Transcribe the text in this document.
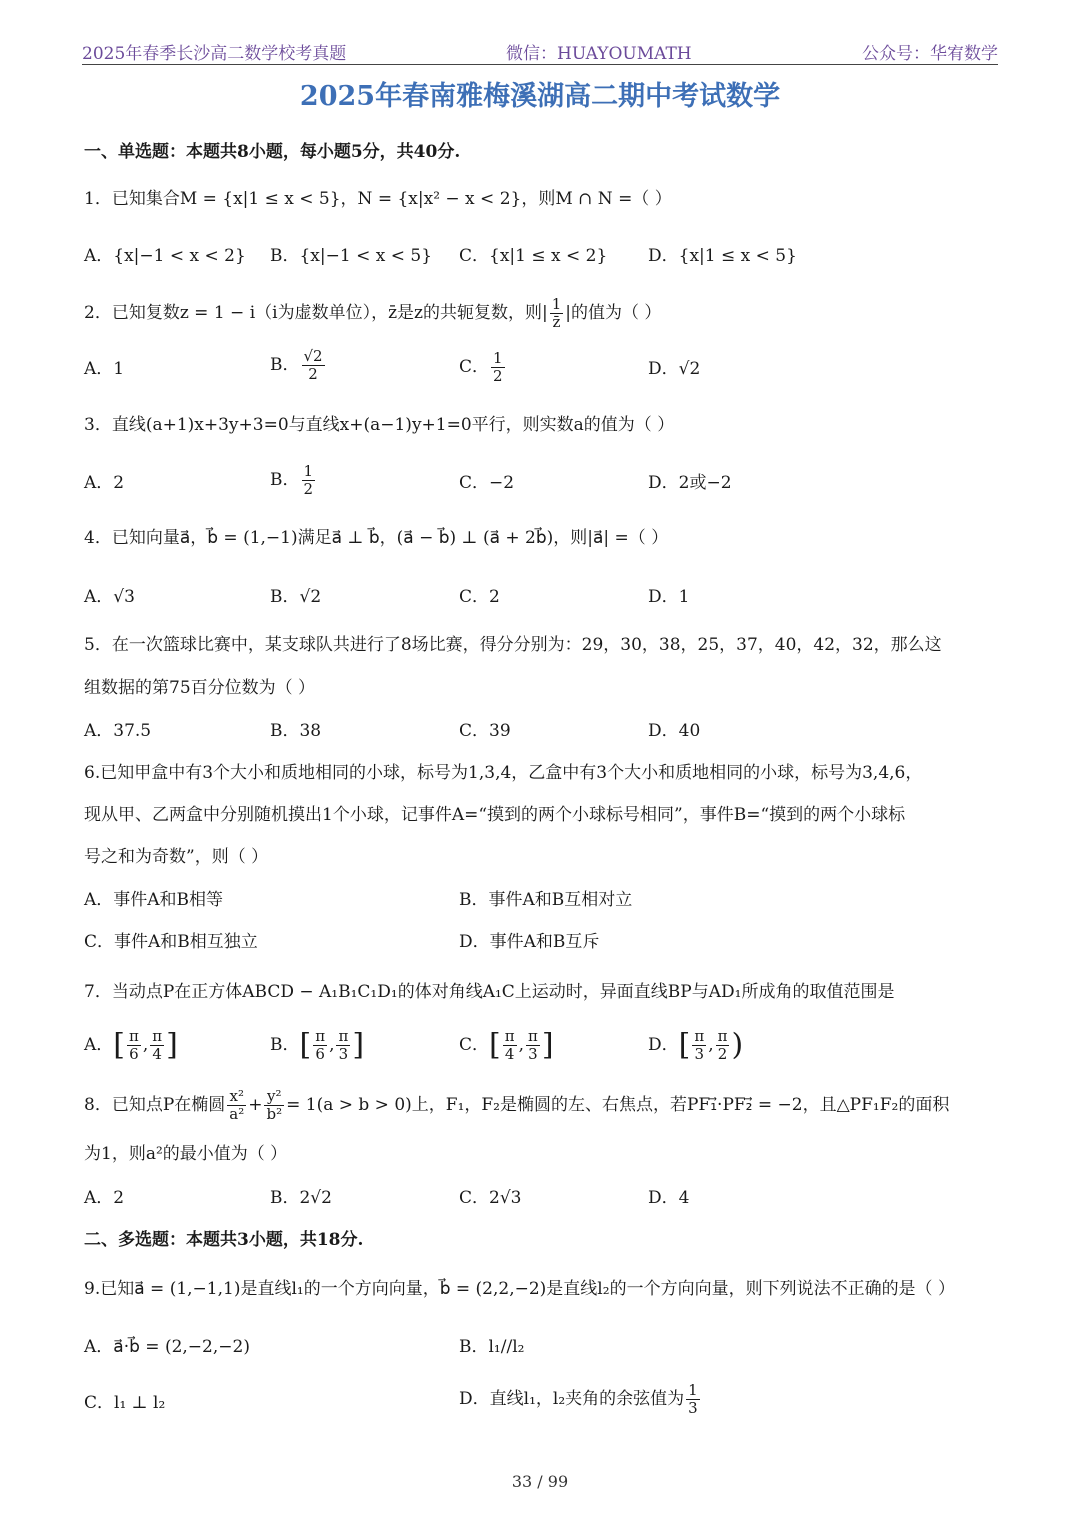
2025年春季长沙高二数学校考真题	微信：HUAYOUMATH	公众号：华宥数学
2025年春南雅梅溪湖高二期中考试数学
一、单选题：本题共8小题，每小题5分，共40分.
1．已知集合M = {x|1 ≤ x < 5}，N = {x|x² − x < 2}，则M ∩ N =（ ）
A．{x|−1 < x < 2} B．{x|−1 < x < 5} C．{x|1 ≤ x < 2} D．{x|1 ≤ x < 5}
2．已知复数z = 1 − i（i为虚数单位），z̄是z的共轭复数，则| $\frac{1}{z̄}$ |的值为（ ）
A．1	B． $\frac{√2}{2}$	C． $\frac{1}{2}$	D．√2
3．直线(a+1)x+3y+3=0与直线x+(a−1)y+1=0平行，则实数a的值为（ ）
A．2	B． $\frac{1}{2}$	C．−2	D．2或−2
4．已知向量a⃗，b⃗ = (1,−1)满足a⃗ ⊥ b⃗，(a⃗ − b⃗) ⊥ (a⃗ + 2b⃗)，则|a⃗| =（ ）
A．√3	B．√2	C．2	D．1
5．在一次篮球比赛中，某支球队共进行了8场比赛，得分分别为：29，30，38，25，37，40，42，32，那么这
组数据的第75百分位数为（ ）
A．37.5	B．38	C．39	D．40
6.已知甲盒中有3个大小和质地相同的小球，标号为1,3,4，乙盒中有3个大小和质地相同的小球，标号为3,4,6，
现从甲、乙两盒中分别随机摸出1个小球，记事件A=“摸到的两个小球标号相同”，事件B=“摸到的两个小球标
号之和为奇数”，则（ ）
A．事件A和B相等	B．事件A和B互相对立
C．事件A和B相互独立	D．事件A和B互斥
7．当动点P在正方体ABCD − A₁B₁C₁D₁的体对角线A₁C上运动时，异面直线BP与AD₁所成角的取值范围是
A．[ $\frac{\pi}{6}$ , $\frac{\pi}{4}$ ]	B．[ $\frac{\pi}{6}$ , $\frac{\pi}{3}$ ]	C．[ $\frac{\pi}{4}$ , $\frac{\pi}{3}$ ]	D．[ $\frac{\pi}{3}$ , $\frac{\pi}{2}$ )
8．已知点P在椭圆 $\frac{\text{x²}}{\text{a²}} + \frac{\text{y²}}{\text{b²}} = 1(a > b > 0)$上，F₁，F₂是椭圆的左、右焦点，若PF₁⃗·PF₂⃗ = −2，且△PF₁F₂的面积
为1，则a²的最小值为（ ）
A．2	B．2√2	C．2√3	D．4
二、多选题：本题共3小题，共18分.
9.已知a⃗ = (1,−1,1)是直线l₁的一个方向向量，b⃗ = (2,2,−2)是直线l₂的一个方向向量，则下列说法不正确的是（ ）
A．a⃗·b⃗ = (2,−2,−2)	B．l₁//l₂
C．l₁ ⊥ l₂	D．直线l₁，l₂夹角的余弦值为 $\frac{1}{3}$
33 / 99
